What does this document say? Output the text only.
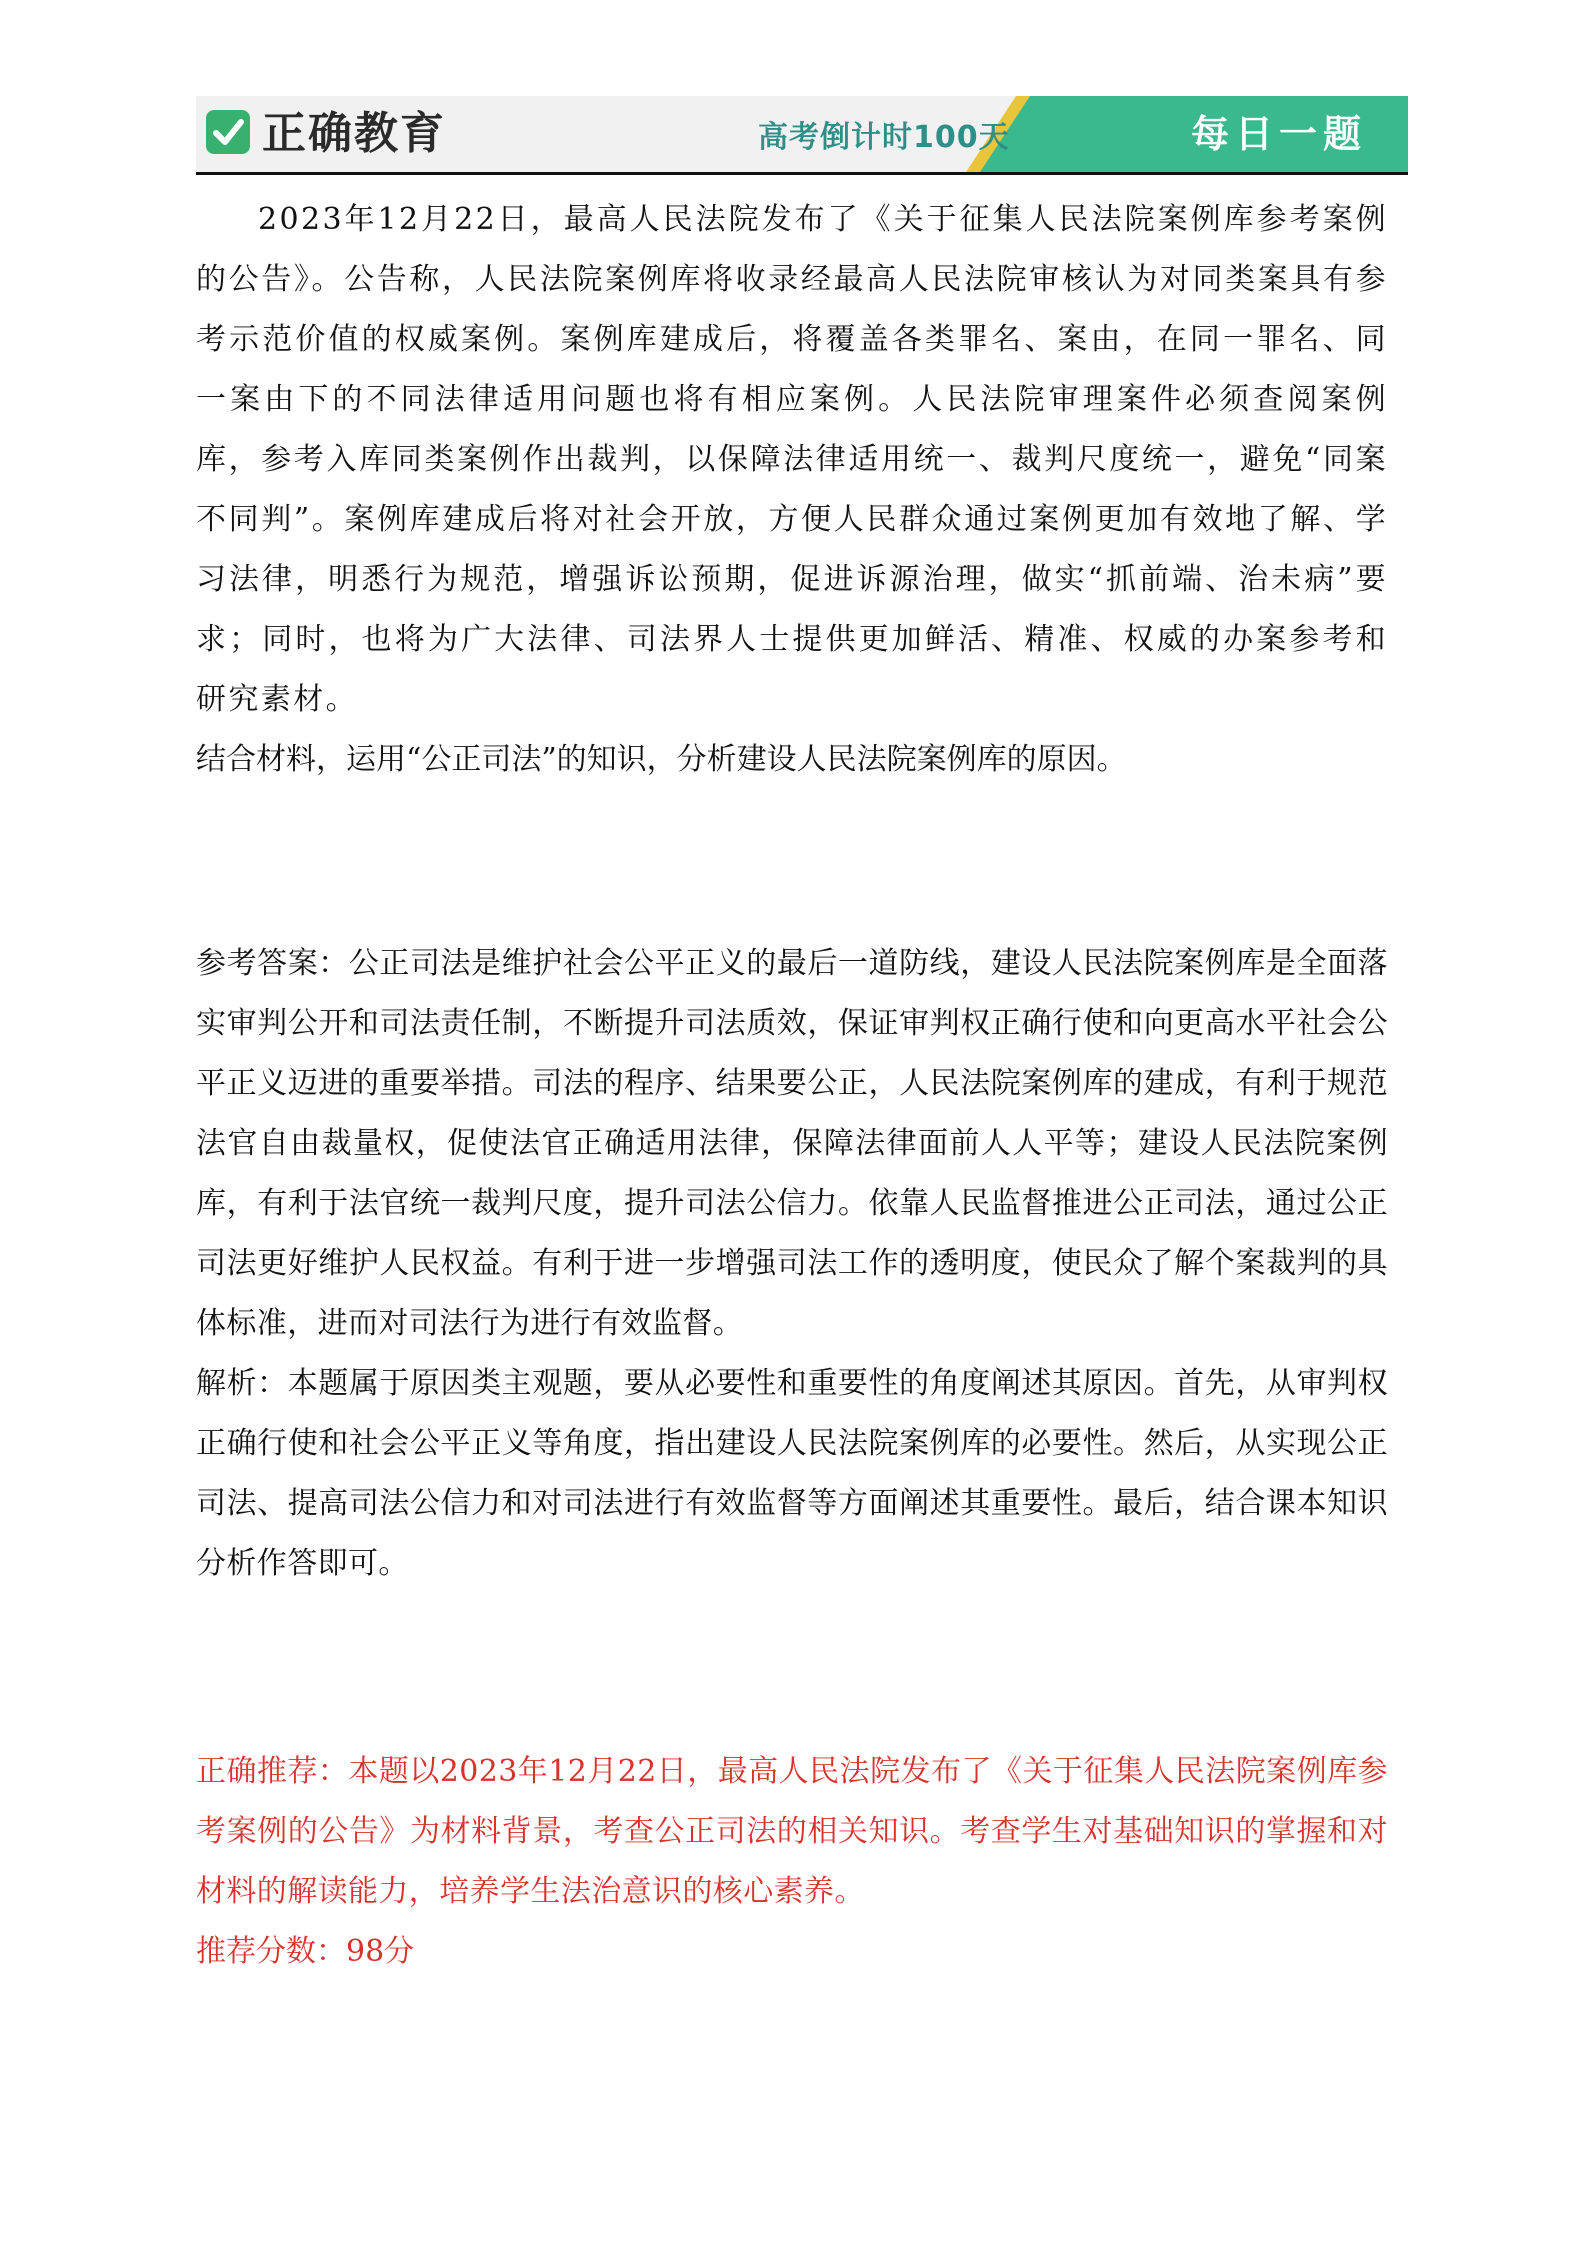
正确教育	高考倒计时100天	每日一题

2023年12月22日，最高人民法院发布了《关于征集人民法院案例库参考案例的公告》。公告称，人民法院案例库将收录经最高人民法院审核认为对同类案具有参考示范价值的权威案例。案例库建成后，将覆盖各类罪名、案由，在同一罪名、同一案由下的不同法律适用问题也将有相应案例。人民法院审理案件必须查阅案例库，参考入库同类案例作出裁判，以保障法律适用统一、裁判尺度统一，避免“同案不同判”。案例库建成后将对社会开放，方便人民群众通过案例更加有效地了解、学习法律，明悉行为规范，增强诉讼预期，促进诉源治理，做实“抓前端、治未病”要求；同时，也将为广大法律、司法界人士提供更加鲜活、精准、权威的办案参考和研究素材。

结合材料，运用“公正司法”的知识，分析建设人民法院案例库的原因。

参考答案：公正司法是维护社会公平正义的最后一道防线，建设人民法院案例库是全面落实审判公开和司法责任制，不断提升司法质效，保证审判权正确行使和向更高水平社会公平正义迈进的重要举措。司法的程序、结果要公正，人民法院案例库的建成，有利于规范法官自由裁量权，促使法官正确适用法律，保障法律面前人人平等；建设人民法院案例库，有利于法官统一裁判尺度，提升司法公信力。依靠人民监督推进公正司法，通过公正司法更好维护人民权益。有利于进一步增强司法工作的透明度，使民众了解个案裁判的具体标准，进而对司法行为进行有效监督。

解析：本题属于原因类主观题，要从必要性和重要性的角度阐述其原因。首先，从审判权正确行使和社会公平正义等角度，指出建设人民法院案例库的必要性。然后，从实现公正司法、提高司法公信力和对司法进行有效监督等方面阐述其重要性。最后，结合课本知识分析作答即可。

正确推荐：本题以2023年12月22日，最高人民法院发布了《关于征集人民法院案例库参考案例的公告》为材料背景，考查公正司法的相关知识。考查学生对基础知识的掌握和对材料的解读能力，培养学生法治意识的核心素养。

推荐分数：98分
